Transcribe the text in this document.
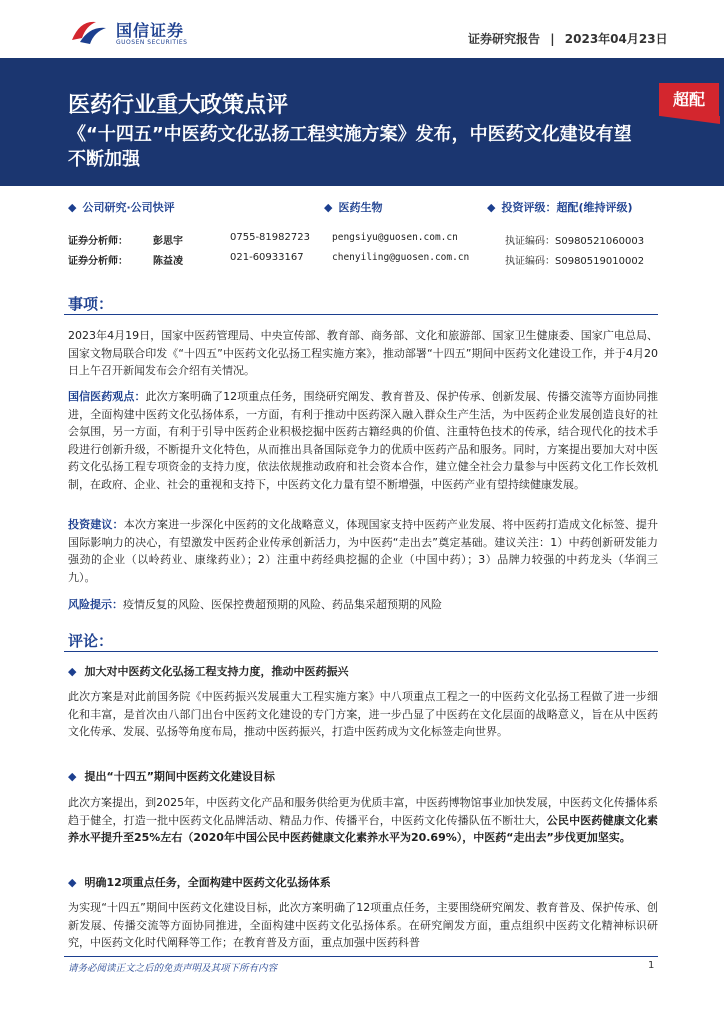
国信证券
GUOSEN SECURITIES	证券研究报告 | 2023年04月23日
医药行业重大政策点评
《“十四五”中医药文化弘扬工程实施方案》发布，中医药文化建设有望不断加强
超配
◆ 公司研究·公司快评	◆ 医药生物	◆ 投资评级：超配(维持评级)
证券分析师：	彭思宇	0755-81982723 pengsiyu@guosen.com.cn	执证编码：S0980521060003
证券分析师：	陈益凌	021-60933167	chenyiling@guosen.com.cn	执证编码：S0980519010002
事项：
2023年4月19日，国家中医药管理局、中央宣传部、教育部、商务部、文化和旅游部、国家卫生健康委、国家广电总局、国家文物局联合印发《“十四五”中医药文化弘扬工程实施方案》，推动部署“十四五”期间中医药文化建设工作，并于4月20日上午召开新闻发布会介绍有关情况。
国信医药观点：此次方案明确了12项重点任务，围绕研究阐发、教育普及、保护传承、创新发展、传播交流等方面协同推进，全面构建中医药文化弘扬体系，一方面，有利于推动中医药深入融入群众生产生活，为中医药企业发展创造良好的社会氛围，另一方面，有利于引导中医药企业积极挖掘中医药古籍经典的价值、注重特色技术的传承，结合现代化的技术手段进行创新升级，不断提升文化特色，从而推出具备国际竞争力的优质中医药产品和服务。同时，方案提出要加大对中医药文化弘扬工程专项资金的支持力度，依法依规推动政府和社会资本合作，建立健全社会力量参与中医药文化工作长效机制，在政府、企业、社会的重视和支持下，中医药文化力量有望不断增强，中医药产业有望持续健康发展。
投资建议：本次方案进一步深化中医药的文化战略意义，体现国家支持中医药产业发展、将中医药打造成文化标签、提升国际影响力的决心，有望激发中医药企业传承创新活力，为中医药“走出去”奠定基础。建议关注：1）中药创新研发能力强劲的企业（以岭药业、康缘药业）；2）注重中药经典挖掘的企业（中国中药）；3）品牌力较强的中药龙头（华润三九）。
风险提示：疫情反复的风险、医保控费超预期的风险、药品集采超预期的风险
评论：
◆ 加大对中医药文化弘扬工程支持力度，推动中医药振兴
此次方案是对此前国务院《中医药振兴发展重大工程实施方案》中八项重点工程之一的中医药文化弘扬工程做了进一步细化和丰富，是首次由八部门出台中医药文化建设的专门方案，进一步凸显了中医药在文化层面的战略意义，旨在从中医药文化传承、发展、弘扬等角度布局，推动中医药振兴，打造中医药成为文化标签走向世界。
◆ 提出“十四五”期间中医药文化建设目标
此次方案提出，到2025年，中医药文化产品和服务供给更为优质丰富，中医药博物馆事业加快发展，中医药文化传播体系趋于健全，打造一批中医药文化品牌活动、精品力作、传播平台，中医药文化传播队伍不断壮大，公民中医药健康文化素养水平提升至25%左右（2020年中国公民中医药健康文化素养水平为20.69%），中医药“走出去”步伐更加坚实。
◆ 明确12项重点任务，全面构建中医药文化弘扬体系
为实现“十四五”期间中医药文化建设目标，此次方案明确了12项重点任务，主要围绕研究阐发、教育普及、保护传承、创新发展、传播交流等方面协同推进，全面构建中医药文化弘扬体系。在研究阐发方面，重点组织中医药文化精神标识研究，中医药文化时代阐释等工作；在教育普及方面，重点加强中医药科普
请务必阅读正文之后的免责声明及其项下所有内容	1
